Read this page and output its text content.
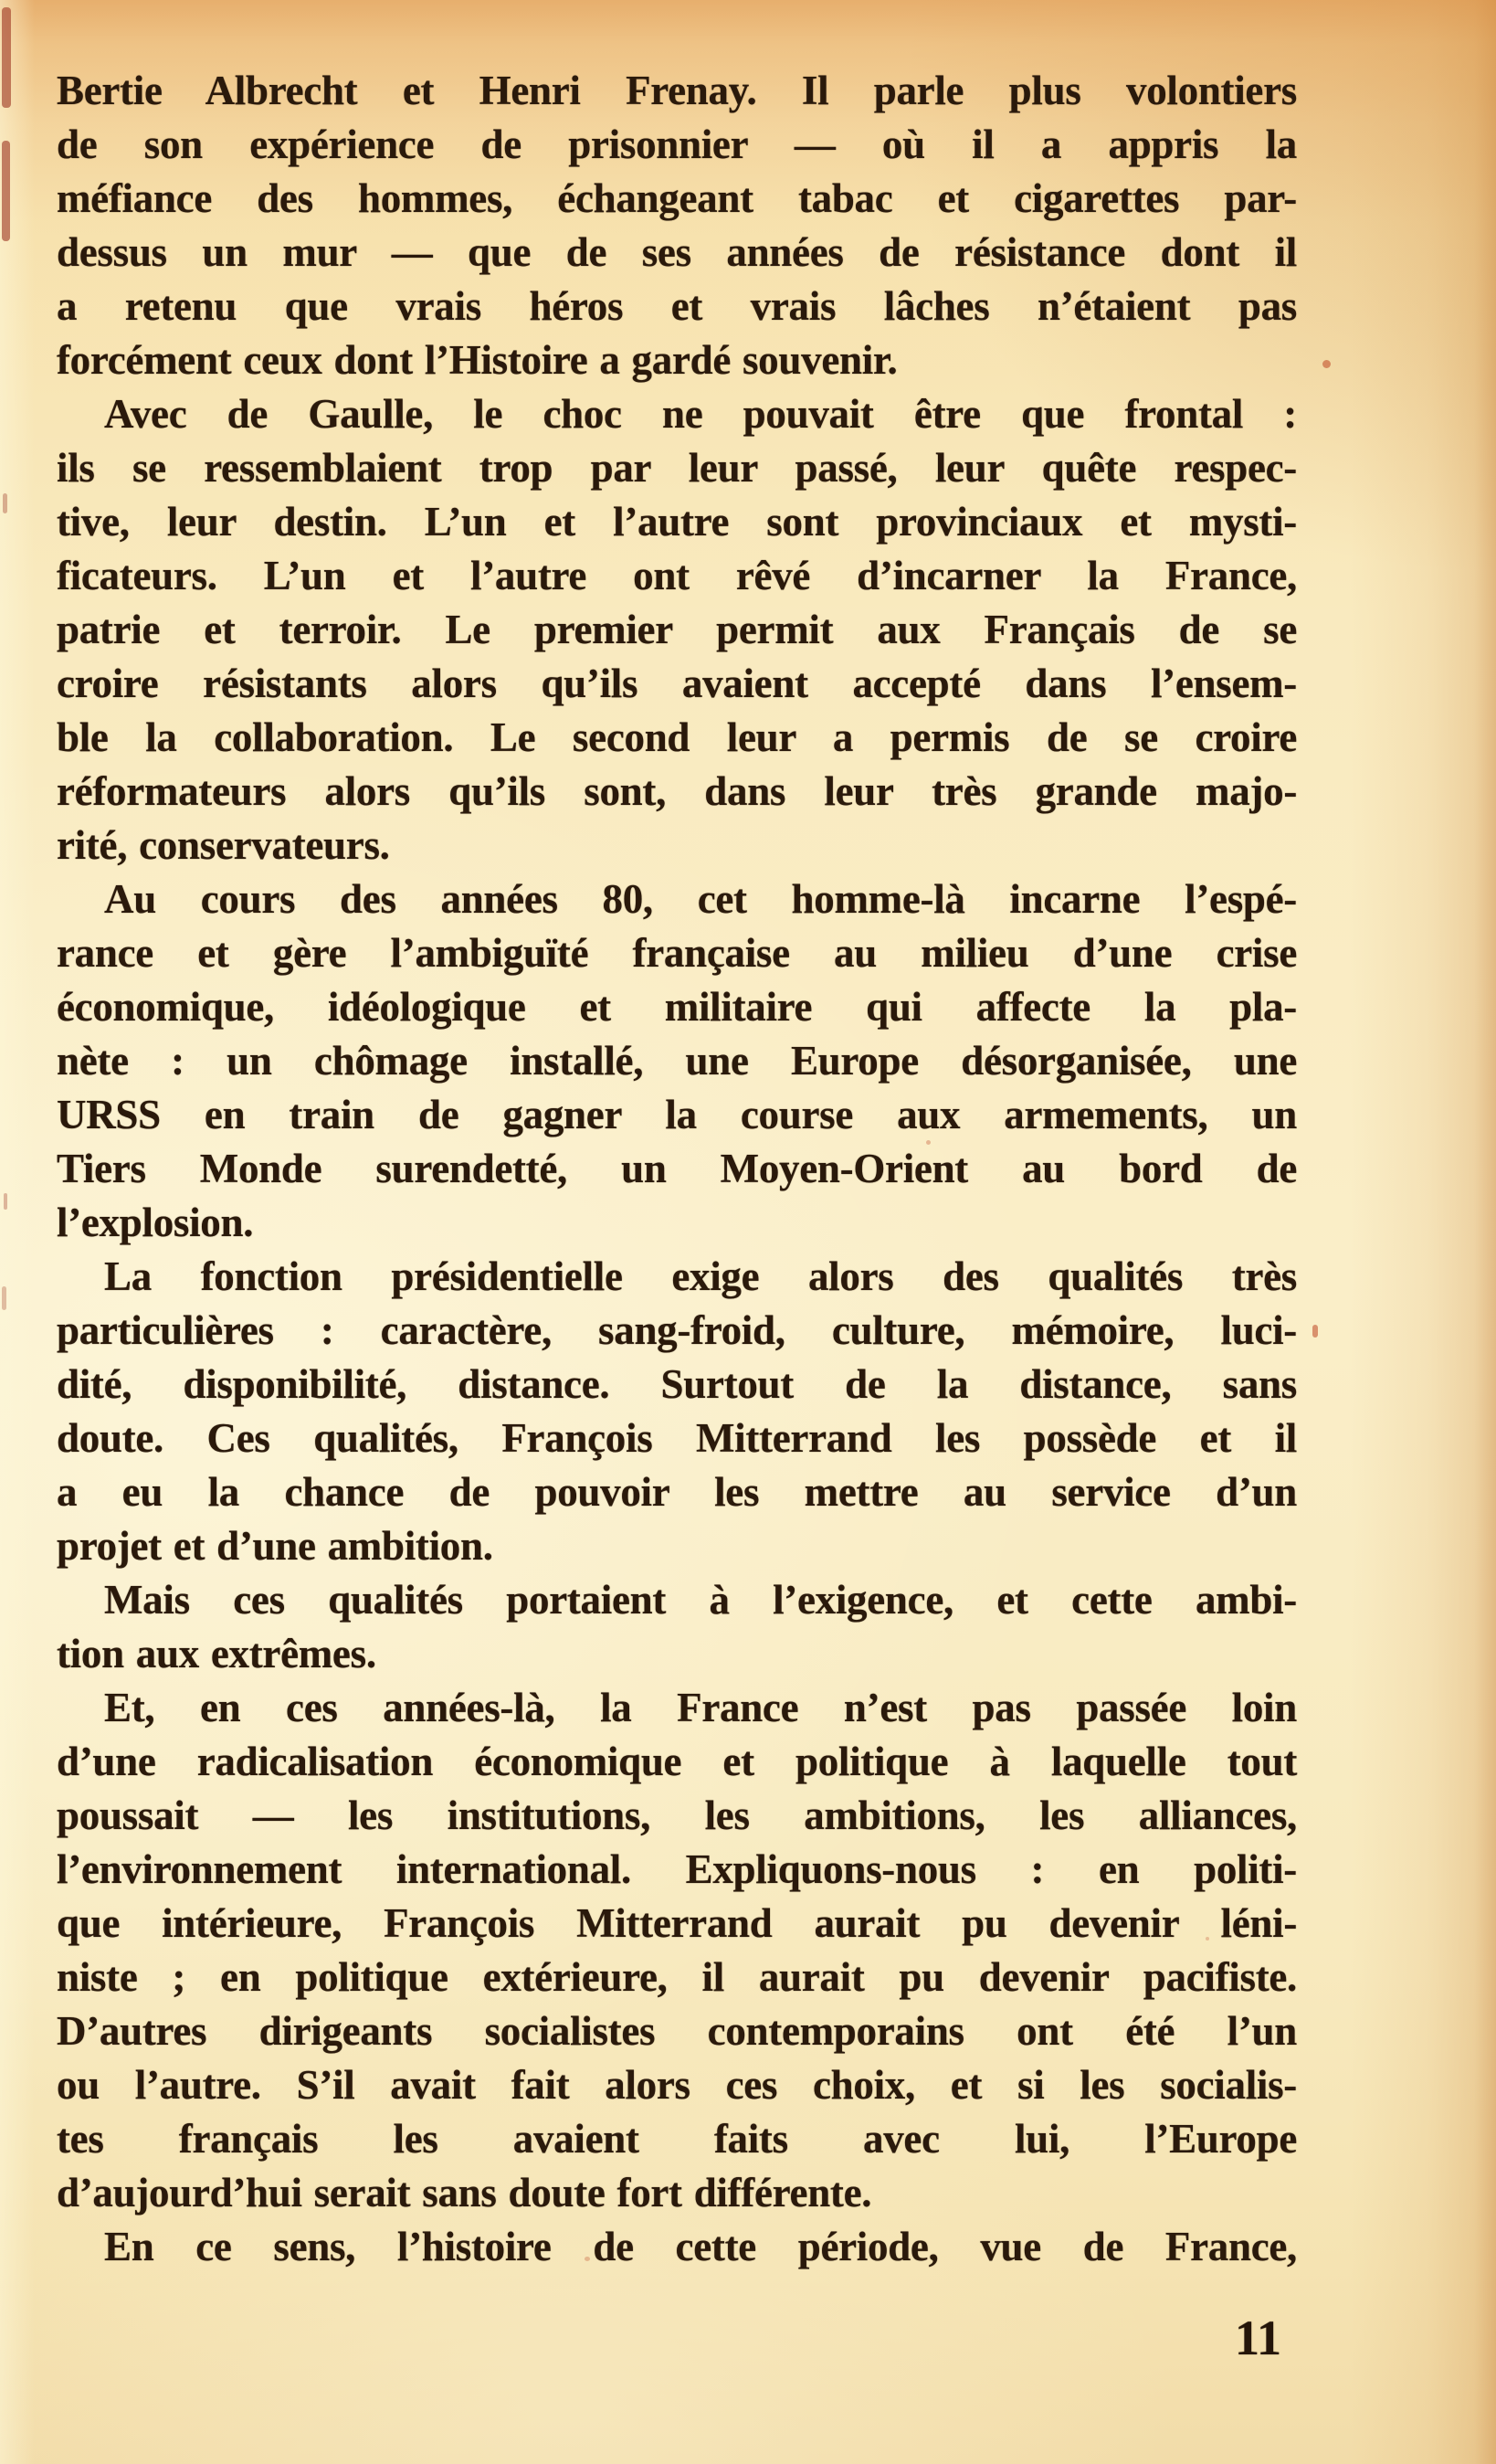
Bertie Albrecht et Henri Frenay. Il parle plus volontiers
de son expérience de prisonnier — où il a appris la
méfiance des hommes, échangeant tabac et cigarettes par-
dessus un mur — que de ses années de résistance dont il
a retenu que vrais héros et vrais lâches n’étaient pas
forcément ceux dont l’Histoire a gardé souvenir.
Avec de Gaulle, le choc ne pouvait être que frontal :
ils se ressemblaient trop par leur passé, leur quête respec-
tive, leur destin. L’un et l’autre sont provinciaux et mysti-
ficateurs. L’un et l’autre ont rêvé d’incarner la France,
patrie et terroir. Le premier permit aux Français de se
croire résistants alors qu’ils avaient accepté dans l’ensem-
ble la collaboration. Le second leur a permis de se croire
réformateurs alors qu’ils sont, dans leur très grande majo-
rité, conservateurs.
Au cours des années 80, cet homme-là incarne l’espé-
rance et gère l’ambiguïté française au milieu d’une crise
économique, idéologique et militaire qui affecte la pla-
nète : un chômage installé, une Europe désorganisée, une
URSS en train de gagner la course aux armements, un
Tiers Monde surendetté, un Moyen-Orient au bord de
l’explosion.
La fonction présidentielle exige alors des qualités très
particulières : caractère, sang-froid, culture, mémoire, luci-
dité, disponibilité, distance. Surtout de la distance, sans
doute. Ces qualités, François Mitterrand les possède et il
a eu la chance de pouvoir les mettre au service d’un
projet et d’une ambition.
Mais ces qualités portaient à l’exigence, et cette ambi-
tion aux extrêmes.
Et, en ces années-là, la France n’est pas passée loin
d’une radicalisation économique et politique à laquelle tout
poussait — les institutions, les ambitions, les alliances,
l’environnement international. Expliquons-nous : en politi-
que intérieure, François Mitterrand aurait pu devenir léni-
niste ; en politique extérieure, il aurait pu devenir pacifiste.
D’autres dirigeants socialistes contemporains ont été l’un
ou l’autre. S’il avait fait alors ces choix, et si les socialis-
tes français les avaient faits avec lui, l’Europe
d’aujourd’hui serait sans doute fort différente.
En ce sens, l’histoire de cette période, vue de France,
11
